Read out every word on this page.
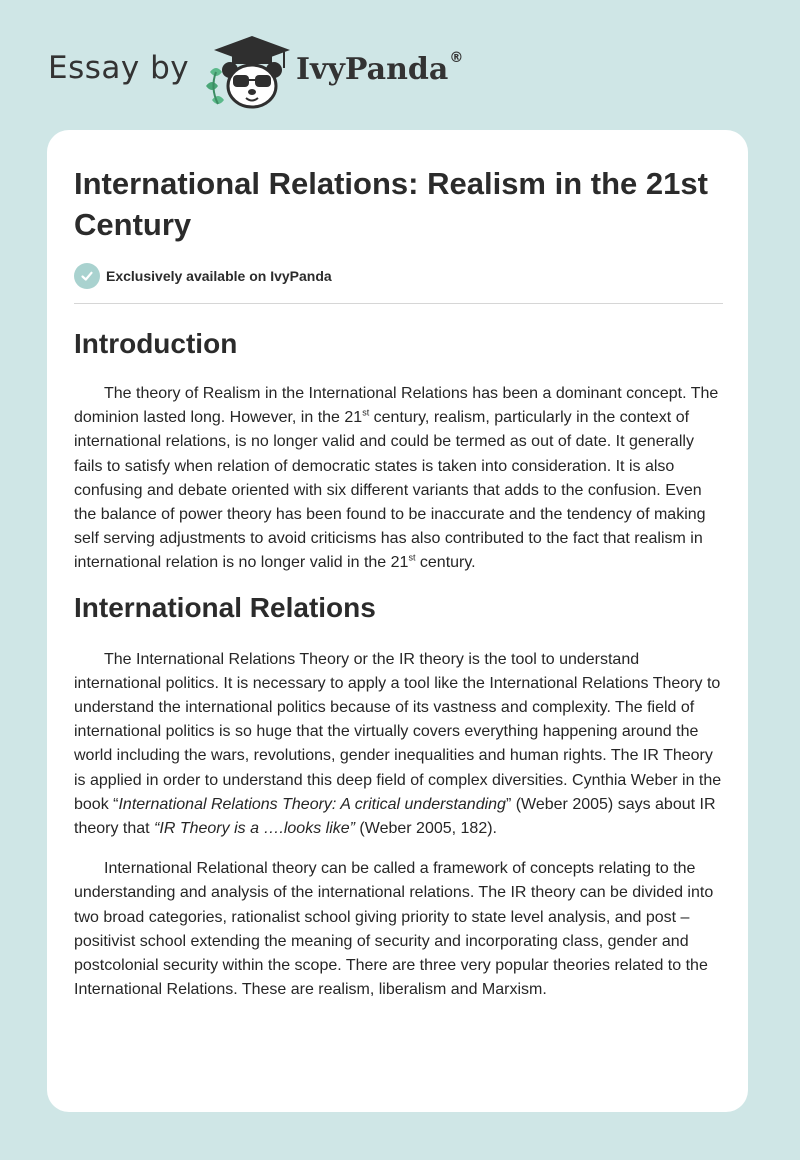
Essay by	IvyPanda®
International Relations: Realism in the 21st Century
Exclusively available on IvyPanda
Introduction

The theory of Realism in the International Relations has been a dominant concept. The dominion lasted long. However, in the 21st century, realism, particularly in the context of international relations, is no longer valid and could be termed as out of date. It generally fails to satisfy when relation of democratic states is taken into consideration. It is also confusing and debate oriented with six different variants that adds to the confusion. Even the balance of power theory has been found to be inaccurate and the tendency of making self serving adjustments to avoid criticisms has also contributed to the fact that realism in international relation is no longer valid in the 21st century.

International Relations

The International Relations Theory or the IR theory is the tool to understand international politics. It is necessary to apply a tool like the International Relations Theory to understand the international politics because of its vastness and complexity. The field of international politics is so huge that the virtually covers everything happening around the world including the wars, revolutions, gender inequalities and human rights. The IR Theory is applied in order to understand this deep field of complex diversities. Cynthia Weber in the book “International Relations Theory: A critical understanding” (Weber 2005) says about IR theory that “IR Theory is a ….looks like” (Weber 2005, 182).

International Relational theory can be called a framework of concepts relating to the understanding and analysis of the international relations. The IR theory can be divided into two broad categories, rationalist school giving priority to state level analysis, and post – positivist school extending the meaning of security and incorporating class, gender and postcolonial security within the scope. There are three very popular theories related to the International Relations. These are realism, liberalism and Marxism.
